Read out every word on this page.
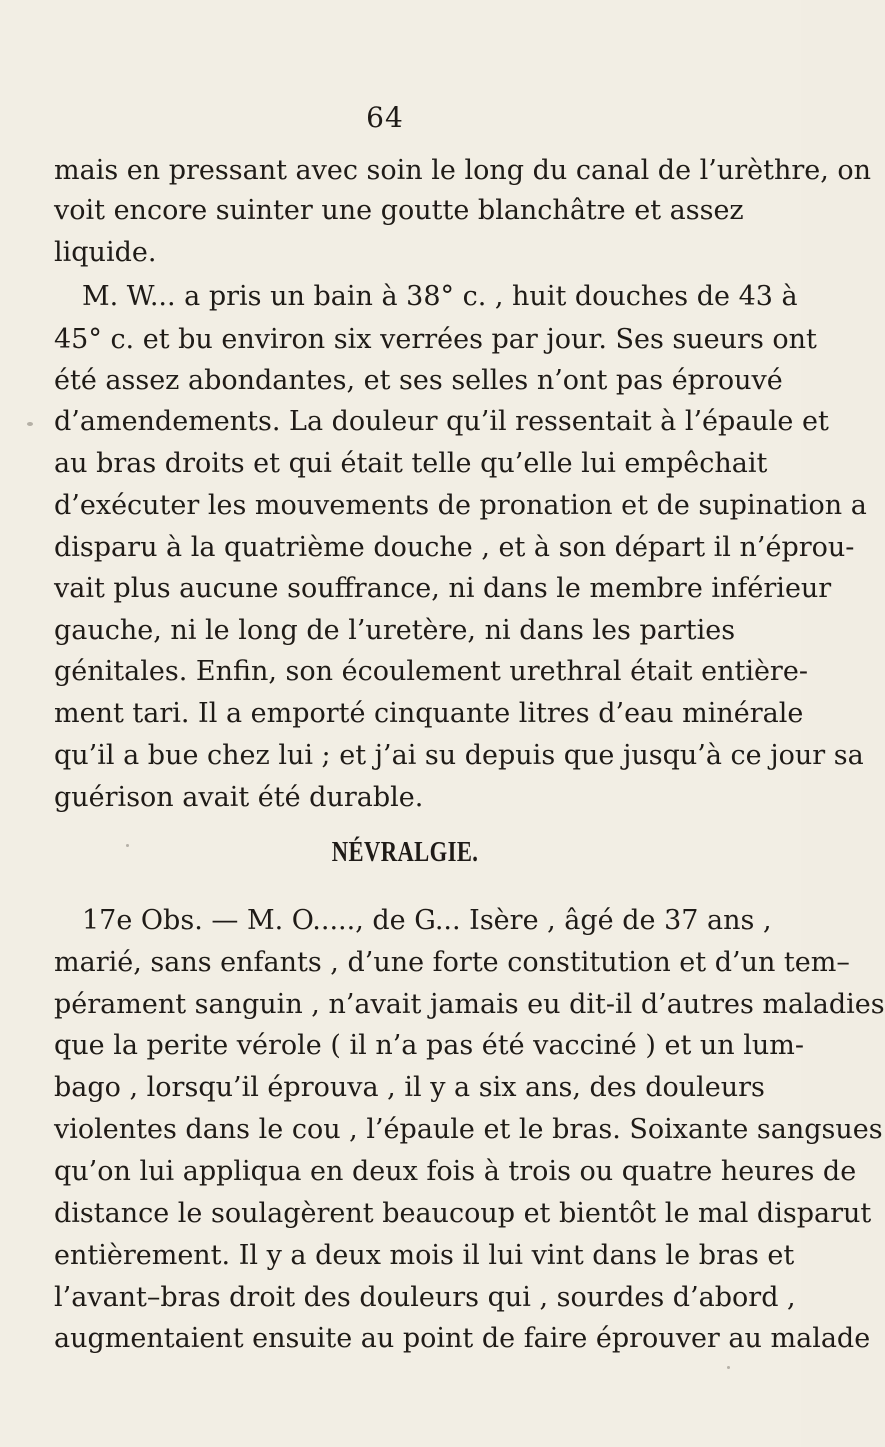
64
mais en pressant avec soin le long du canal de l’urèthre, on
voit encore suinter une goutte blanchâtre et assez
liquide.
M. W... a pris un bain à 38° c. , huit douches de 43 à
45° c. et bu environ six verrées par jour. Ses sueurs ont
été assez abondantes, et ses selles n’ont pas éprouvé
d’amendements. La douleur qu’il ressentait à l’épaule et
au bras droits et qui était telle qu’elle lui empêchait
d’exécuter les mouvements de pronation et de supination a
disparu à la quatrième douche , et à son départ il n’éprou-
vait plus aucune souffrance, ni dans le membre inférieur
gauche, ni le long de l’uretère, ni dans les parties
génitales. Enfin, son écoulement urethral était entière-
ment tari. Il a emporté cinquante litres d’eau minérale
qu’il a bue chez lui ; et j’ai su depuis que jusqu’à ce jour sa
guérison avait été durable.
NÉVRALGIE.
17e Obs. — M. O....., de G... Isère , âgé de 37 ans ,
marié, sans enfants , d’une forte constitution et d’un tem–
pérament sanguin , n’avait jamais eu dit-il d’autres maladies
que la perite vérole ( il n’a pas été vacciné ) et un lum-
bago , lorsqu’il éprouva , il y a six ans, des douleurs
violentes dans le cou , l’épaule et le bras. Soixante sangsues
qu’on lui appliqua en deux fois à trois ou quatre heures de
distance le soulagèrent beaucoup et bientôt le mal disparut
entièrement. Il y a deux mois il lui vint dans le bras et
l’avant–bras droit des douleurs qui , sourdes d’abord ,
augmentaient ensuite au point de faire éprouver au malade
